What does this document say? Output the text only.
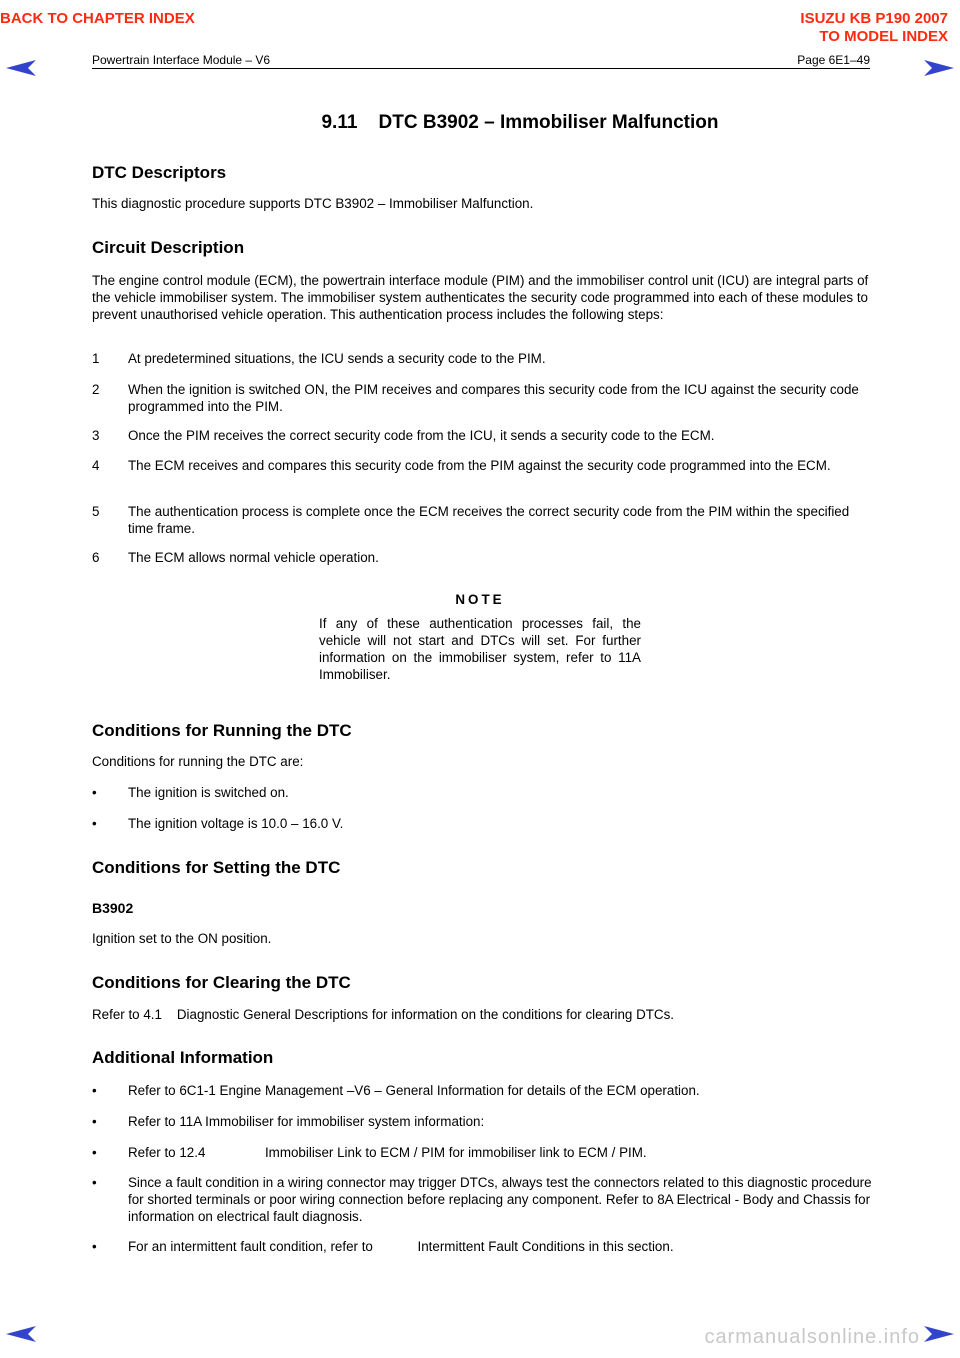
BACK TO CHAPTER INDEX	ISUZU KB P190 2007
TO MODEL INDEX
Powertrain Interface Module – V6	Page 6E1–49
9.11    DTC B3902 – Immobiliser Malfunction
DTC Descriptors
This diagnostic procedure supports DTC B3902 – Immobiliser Malfunction.
Circuit Description
The engine control module (ECM), the powertrain interface module (PIM) and the immobiliser control unit (ICU) are integral parts of the vehicle immobiliser system. The immobiliser system authenticates the security code programmed into each of these modules to prevent unauthorised vehicle operation. This authentication process includes the following steps:
1 At predetermined situations, the ICU sends a security code to the PIM.
2 When the ignition is switched ON, the PIM receives and compares this security code from the ICU against the security code programmed into the PIM.
3 Once the PIM receives the correct security code from the ICU, it sends a security code to the ECM.
4 The ECM receives and compares this security code from the PIM against the security code programmed into the ECM.
5 The authentication process is complete once the ECM receives the correct security code from the PIM within the specified time frame.
6 The ECM allows normal vehicle operation.
NOTE
If any of these authentication processes fail, the vehicle will not start and DTCs will set. For further information on the immobiliser system, refer to 11A Immobiliser.
Conditions for Running the DTC
Conditions for running the DTC are:
• The ignition is switched on.
• The ignition voltage is 10.0 – 16.0 V.
Conditions for Setting the DTC
B3902
Ignition set to the ON position.
Conditions for Clearing the DTC
Refer to 4.1    Diagnostic General Descriptions for information on the conditions for clearing DTCs.
Additional Information
• Refer to 6C1-1 Engine Management –V6 – General Information for details of the ECM operation.
• Refer to 11A Immobiliser for immobiliser system information:
• Refer to 12.4                Immobiliser Link to ECM / PIM for immobiliser link to ECM / PIM.
• Since a fault condition in a wiring connector may trigger DTCs, always test the connectors related to this diagnostic procedure for shorted terminals or poor wiring connection before replacing any component. Refer to 8A Electrical - Body and Chassis for information on electrical fault diagnosis.
• For an intermittent fault condition, refer to            Intermittent Fault Conditions in this section.
carmanualsonline.info
